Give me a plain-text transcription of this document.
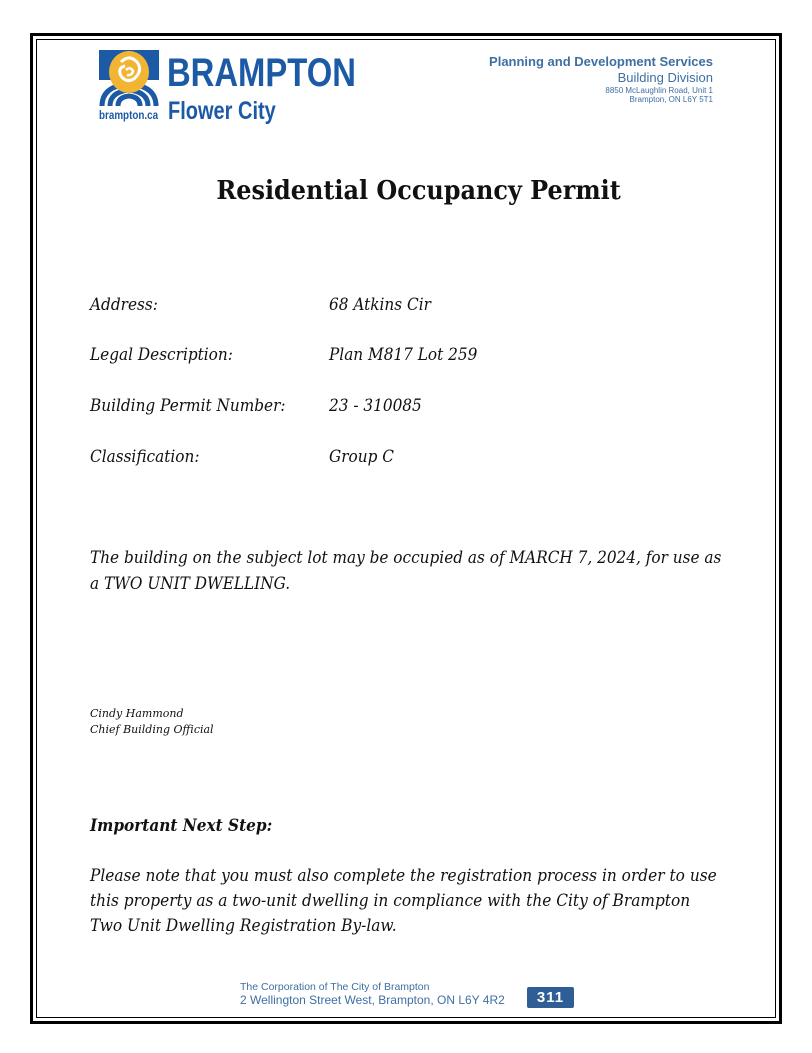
BRAMPTON
Flower City
brampton.ca
Planning and Development Services
Building Division
8850 McLaughlin Road, Unit 1
Brampton, ON L6Y 5T1
Residential Occupancy Permit
Address:	68 Atkins Cir
Legal Description:	Plan M817 Lot 259
Building Permit Number:	23 - 310085
Classification:	Group C
The building on the subject lot may be occupied as of MARCH 7, 2024, for use as a TWO UNIT DWELLING.
Cindy Hammond
Chief Building Official
Important Next Step:
Please note that you must also complete the registration process in order to use this property as a two-unit dwelling in compliance with the City of Brampton Two Unit Dwelling Registration By-law.
The Corporation of The City of Brampton
2 Wellington Street West, Brampton, ON L6Y 4R2	311
